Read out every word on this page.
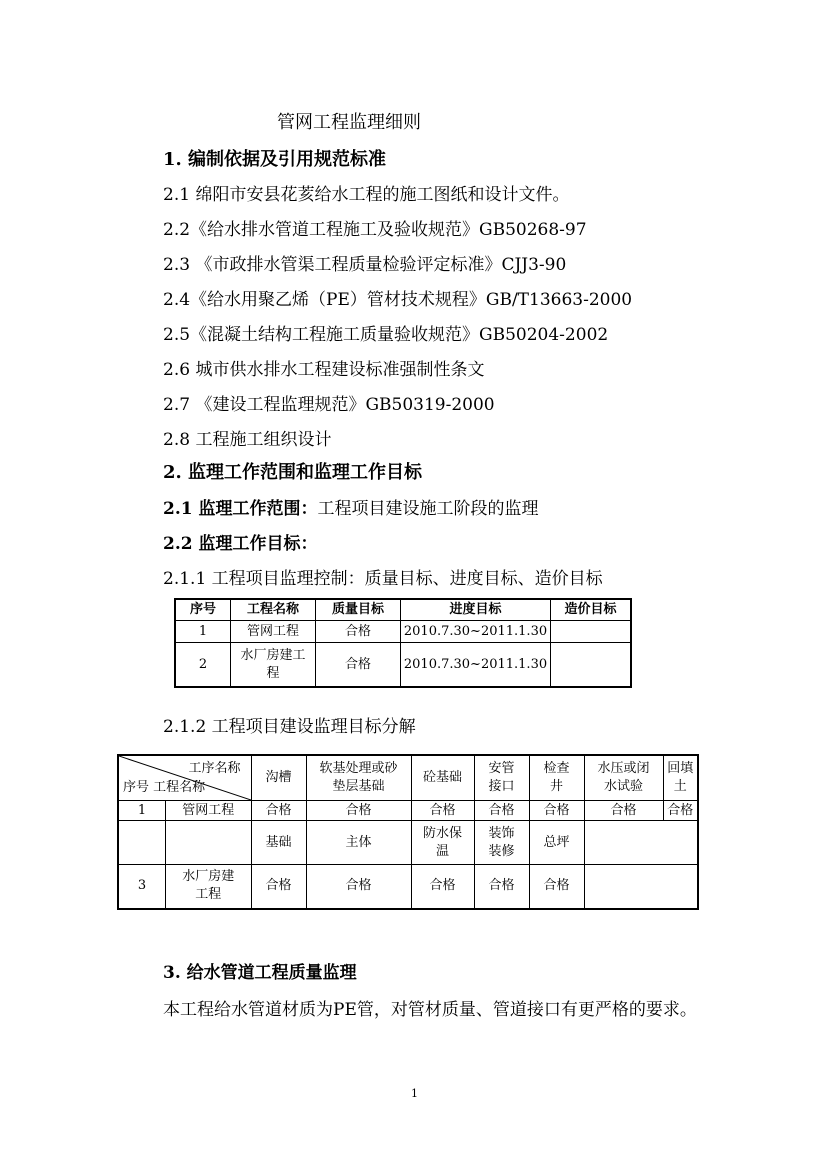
管网工程监理细则
1. 编制依据及引用规范标准
2.1 绵阳市安县花荄给水工程的施工图纸和设计文件。
2.2《给水排水管道工程施工及验收规范》GB50268-97
2.3 《市政排水管渠工程质量检验评定标准》CJJ3-90
2.4《给水用聚乙烯（PE）管材技术规程》GB/T13663-2000
2.5《混凝土结构工程施工质量验收规范》GB50204-2002
2.6 城市供水排水工程建设标准强制性条文
2.7 《建设工程监理规范》GB50319-2000
2.8 工程施工组织设计
2. 监理工作范围和监理工作目标
2.1 监理工作范围：工程项目建设施工阶段的监理
2.2 监理工作目标：
2.1.1 工程项目监理控制：质量目标、进度目标、造价目标
序号	工程名称	质量目标	进度目标	造价目标
1	管网工程	合格	2010.7.30~2011.1.30	
2	水厂房建工程	合格	2010.7.30~2011.1.30	
2.1.2 工程项目建设监理目标分解
工序名称
序号 工程名称		沟槽	软基处理或砂垫层基础	砼基础	安管接口	检查井	水压或闭水试验	回填土

1	管网工程	合格	合格	合格	合格	合格	合格	合格
		基础	主体	防水保温	装饰装修	总坪		
3	水厂房建工程	合格	合格	合格	合格	合格		
3. 给水管道工程质量监理
本工程给水管道材质为PE管，对管材质量、管道接口有更严格的要求。
1
